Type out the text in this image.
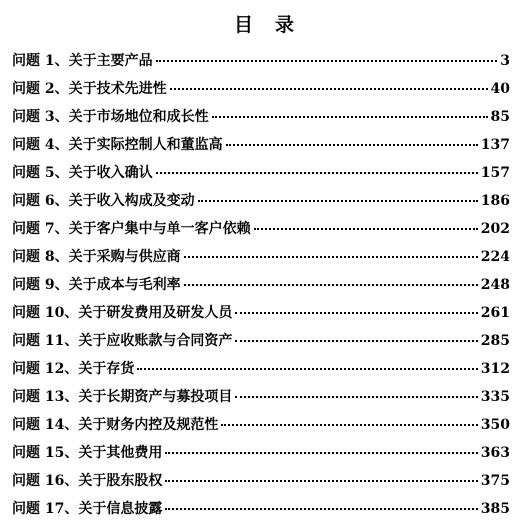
目 录
问题 1、关于主要产品	3
问题 2、关于技术先进性	40
问题 3、关于市场地位和成长性	85
问题 4、关于实际控制人和董监高	137
问题 5、关于收入确认	157
问题 6、关于收入构成及变动	186
问题 7、关于客户集中与单一客户依赖	202
问题 8、关于采购与供应商	224
问题 9、关于成本与毛利率	248
问题 10、关于研发费用及研发人员	261
问题 11、关于应收账款与合同资产	285
问题 12、关于存货	312
问题 13、关于长期资产与募投项目	335
问题 14、关于财务内控及规范性	350
问题 15、关于其他费用	363
问题 16、关于股东股权	375
问题 17、关于信息披露	385
